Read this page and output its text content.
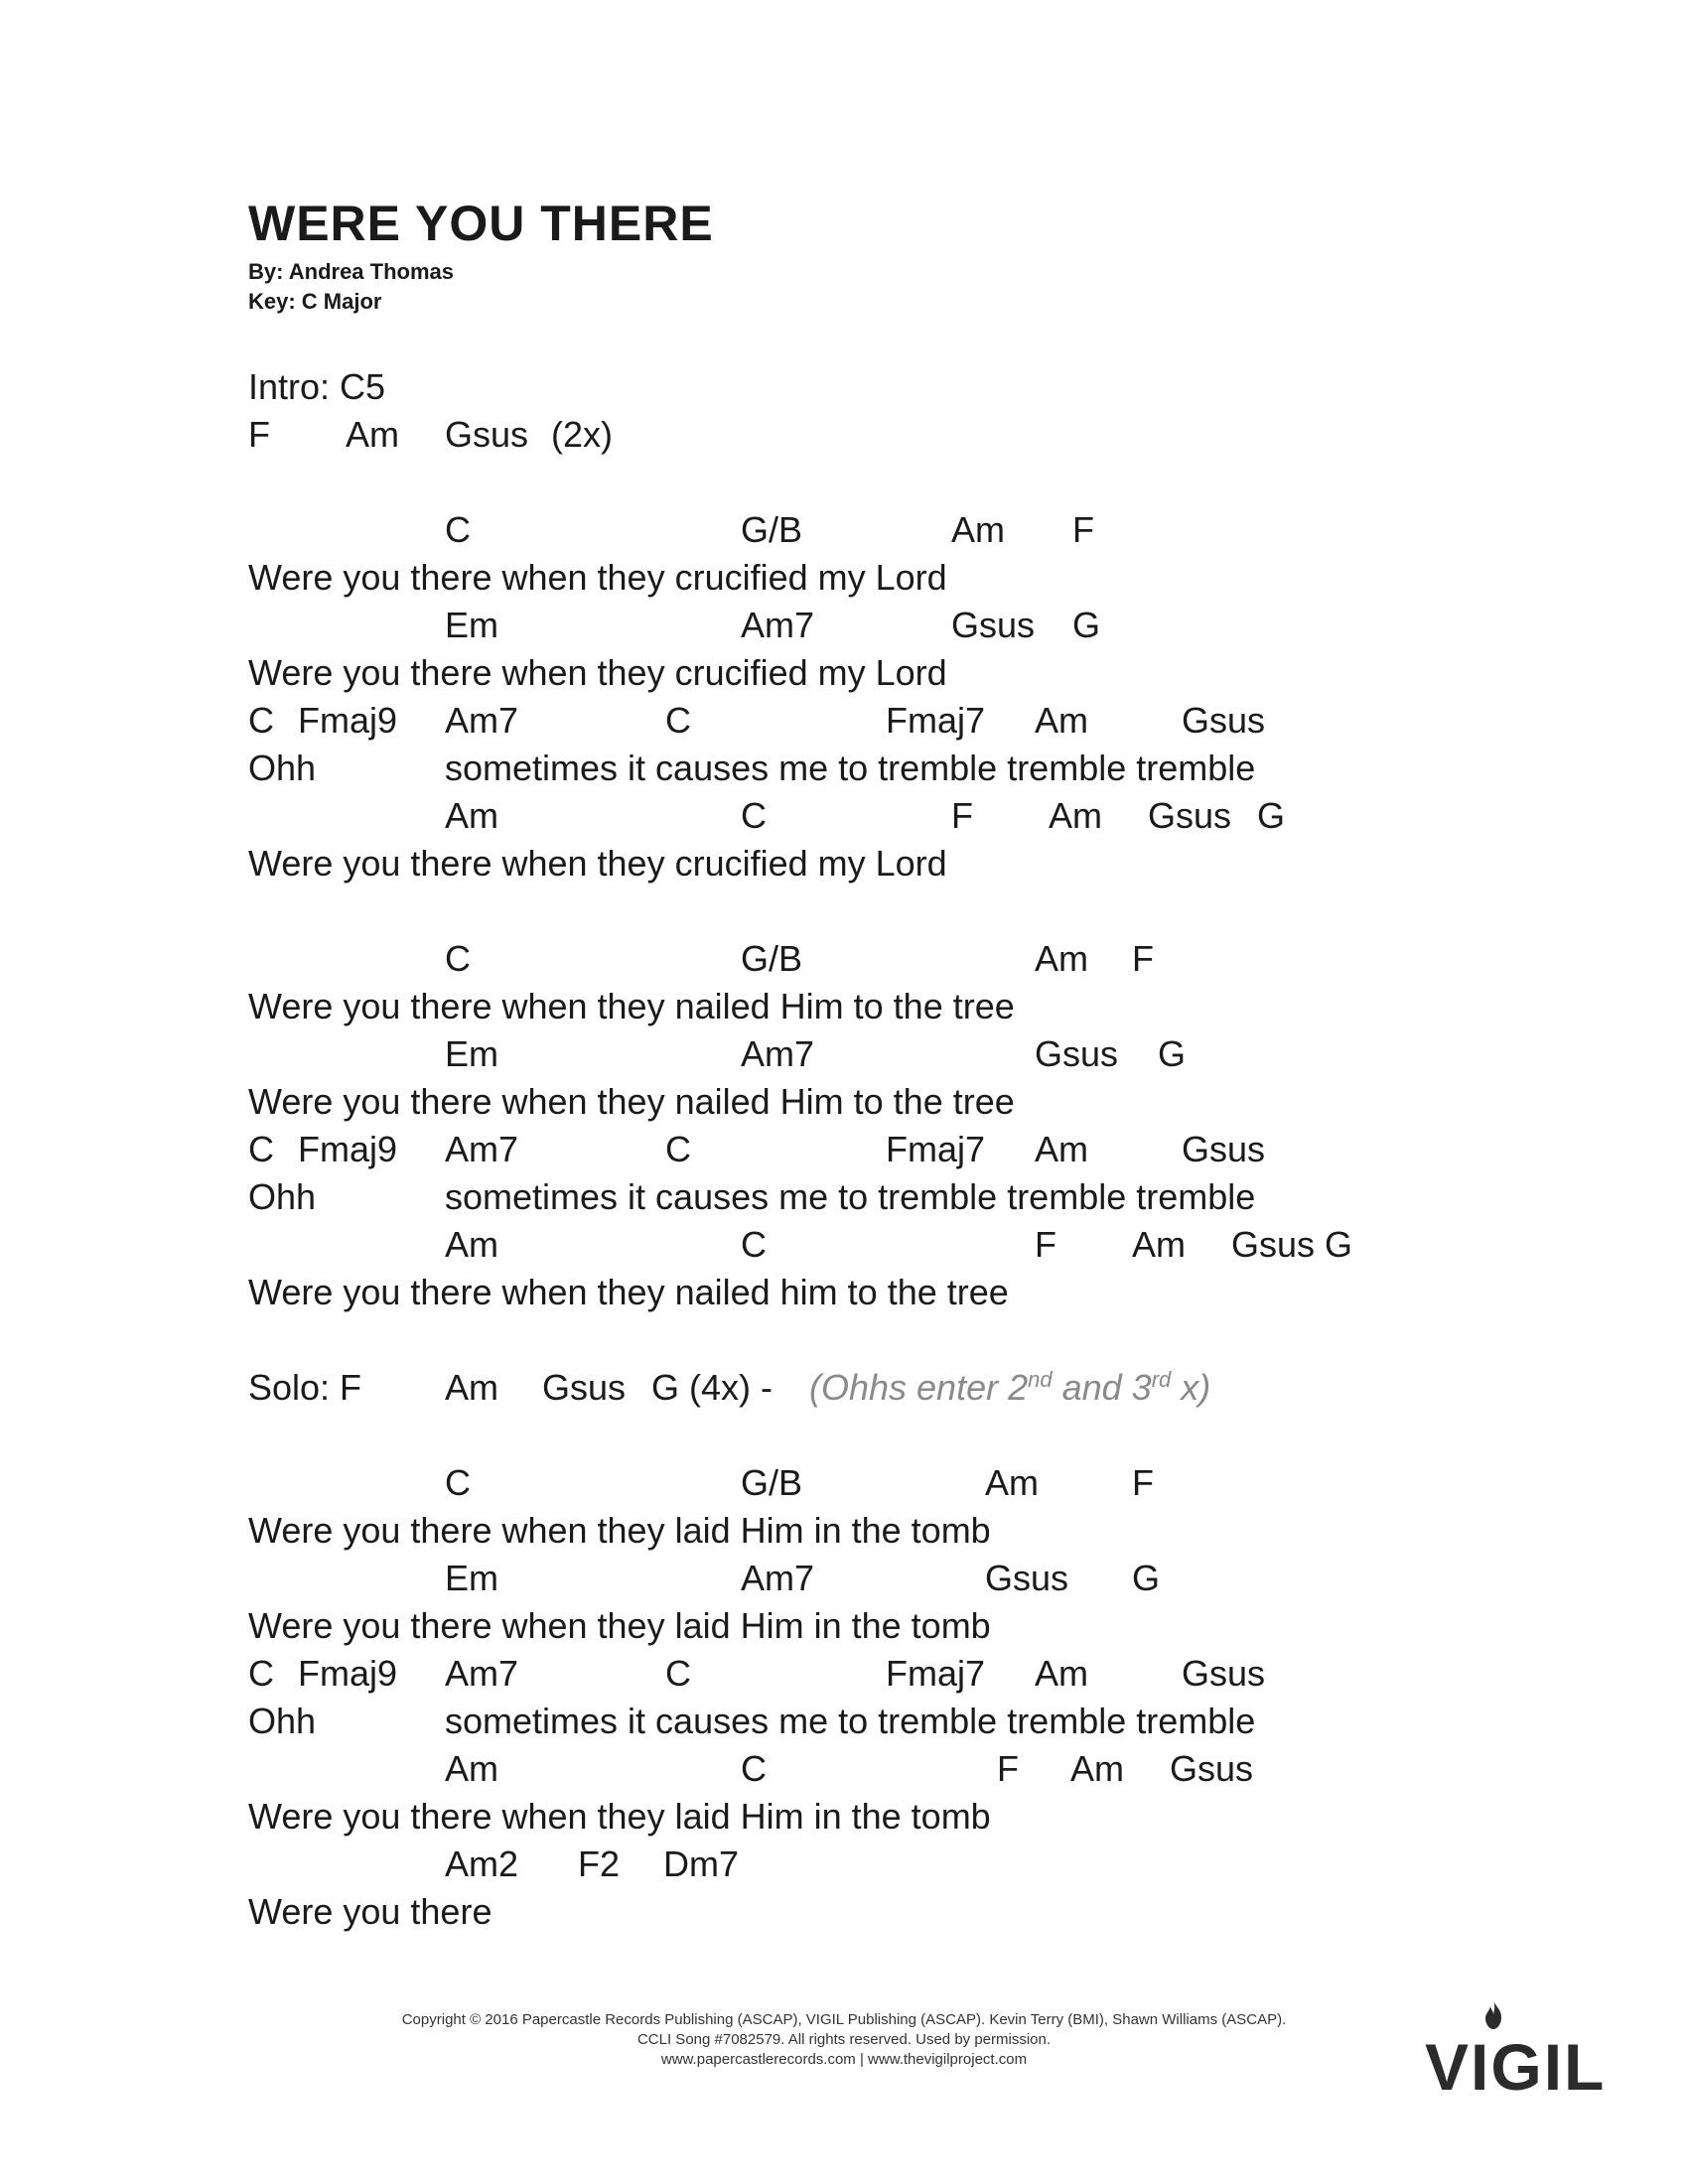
WERE YOU THERE
By: Andrea Thomas
Key: C Major
Intro: C5
F Am Gsus (2x)
C	G/B	Am F
Were you there when they crucified my Lord
Em	Am7	Gsus G
Were you there when they crucified my Lord
C Fmaj9 Am7	C	Fmaj7 Am	Gsus
Ohh	sometimes it causes me to tremble tremble tremble
Am	C	F Am Gsus G
Were you there when they crucified my Lord
C	G/B	Am F
Were you there when they nailed Him to the tree
Em	Am7	Gsus G
Were you there when they nailed Him to the tree
C Fmaj9 Am7	C	Fmaj7 Am	Gsus
Ohh	sometimes it causes me to tremble tremble tremble
Am	C	F Am Gsus G
Were you there when they nailed him to the tree
Solo: F Am Gsus G (4x) - (Ohhs enter 2nd and 3rd x)
C	G/B	Am	F
Were you there when they laid Him in the tomb
Em	Am7	Gsus G
Were you there when they laid Him in the tomb
C Fmaj9 Am7	C	Fmaj7 Am	Gsus
Ohh	sometimes it causes me to tremble tremble tremble
Am	C	F Am Gsus
Were you there when they laid Him in the tomb
Am2 F2 Dm7
Were you there
Copyright © 2016 Papercastle Records Publishing (ASCAP), VIGIL Publishing (ASCAP). Kevin Terry (BMI), Shawn Williams (ASCAP).
CCLI Song #7082579. All rights reserved. Used by permission.
www.papercastlerecords.com | www.thevigilproject.com	VIGIL
